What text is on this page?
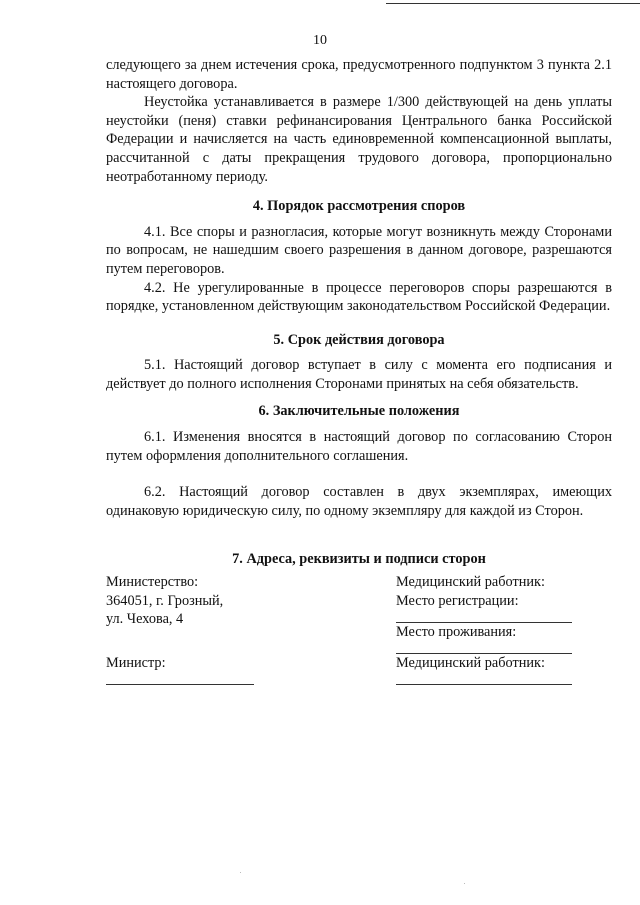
10

следующего за днем истечения срока, предусмотренного подпунктом 3 пункта 2.1 настоящего договора.

Неустойка устанавливается в размере 1/300 действующей на день уплаты неустойки (пеня) ставки рефинансирования Центрального банка Российской Федерации и начисляется на часть единовременной компенсационной выплаты, рассчитанной с даты прекращения трудового договора, пропорционально неотработанному периоду.

4. Порядок рассмотрения споров

4.1. Все споры и разногласия, которые могут возникнуть между Сторонами по вопросам, не нашедшим своего разрешения в данном договоре, разрешаются путем переговоров.

4.2. Не урегулированные в процессе переговоров споры разрешаются в порядке, установленном действующим законодательством Российской Федерации.

5. Срок действия договора

5.1. Настоящий договор вступает в силу с момента его подписания и действует до полного исполнения Сторонами принятых на себя обязательств.

6. Заключительные положения

6.1. Изменения вносятся в настоящий договор по согласованию Сторон путем оформления дополнительного соглашения.

6.2. Настоящий договор составлен в двух экземплярах, имеющих одинаковую юридическую силу, по одному экземпляру для каждой из Сторон.

7. Адреса, реквизиты и подписи сторон
Министерство:
364051, г. Грозный,
ул. Чехова, 4
Министр:
Медицинский работник:
Место регистрации:
Место проживания:
Медицинский работник:
